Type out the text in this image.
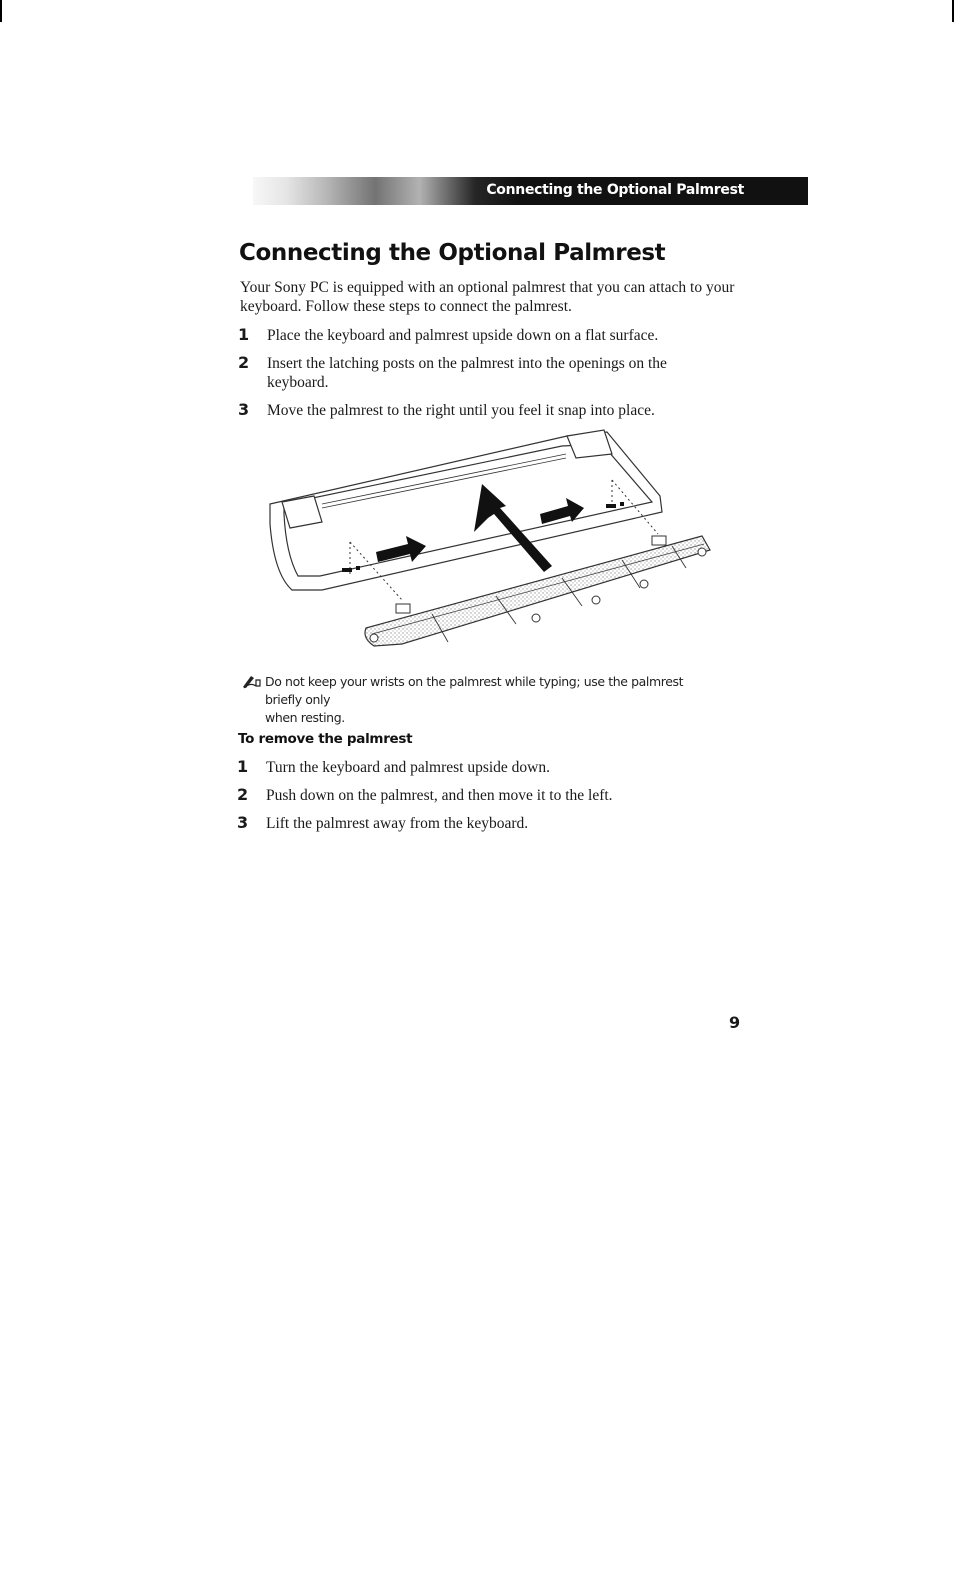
Connecting the Optional Palmrest
Connecting the Optional Palmrest

Your Sony PC is equipped with an optional palmrest that you can attach to your keyboard. Follow these steps to connect the palmrest.

1 Place the keyboard and palmrest upside down on a flat surface.
2 Insert the latching posts on the palmrest into the openings on the keyboard.
3 Move the palmrest to the right until you feel it snap into place.

Do not keep your wrists on the palmrest while typing; use the palmrest briefly only

when resting.
To remove the palmrest
1 Turn the keyboard and palmrest upside down.
2 Push down on the palmrest, and then move it to the left.
3 Lift the palmrest away from the keyboard.
9
